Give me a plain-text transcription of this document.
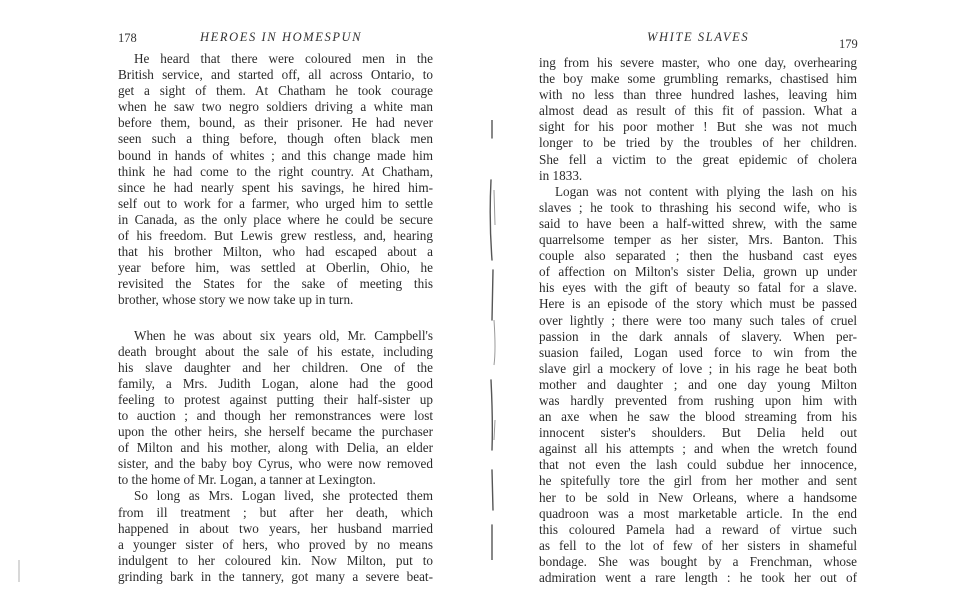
178	HEROES IN HOMESPUN
He heard that there were coloured men in the
British service, and started off, all across Ontario, to
get a sight of them. At Chatham he took courage
when he saw two negro soldiers driving a white man
before them, bound, as their prisoner. He had never
seen such a thing before, though often black men
bound in hands of whites ; and this change made him
think he had come to the right country. At Chatham,
since he had nearly spent his savings, he hired him-
self out to work for a farmer, who urged him to settle
in Canada, as the only place where he could be secure
of his freedom. But Lewis grew restless, and, hearing
that his brother Milton, who had escaped about a
year before him, was settled at Oberlin, Ohio, he
revisited the States for the sake of meeting this
brother, whose story we now take up in turn.
When he was about six years old, Mr. Campbell's
death brought about the sale of his estate, including
his slave daughter and her children. One of the
family, a Mrs. Judith Logan, alone had the good
feeling to protest against putting their half-sister up
to auction ; and though her remonstrances were lost
upon the other heirs, she herself became the purchaser
of Milton and his mother, along with Delia, an elder
sister, and the baby boy Cyrus, who were now removed
to the home of Mr. Logan, a tanner at Lexington.
So long as Mrs. Logan lived, she protected them
from ill treatment ; but after her death, which
happened in about two years, her husband married
a younger sister of hers, who proved by no means
indulgent to her coloured kin. Now Milton, put to
grinding bark in the tannery, got many a severe beat-
WHITE SLAVES	179
ing from his severe master, who one day, overhearing
the boy make some grumbling remarks, chastised him
with no less than three hundred lashes, leaving him
almost dead as result of this fit of passion. What a
sight for his poor mother ! But she was not much
longer to be tried by the troubles of her children.
She fell a victim to the great epidemic of cholera
in 1833.
Logan was not content with plying the lash on his
slaves ; he took to thrashing his second wife, who is
said to have been a half-witted shrew, with the same
quarrelsome temper as her sister, Mrs. Banton. This
couple also separated ; then the husband cast eyes
of affection on Milton's sister Delia, grown up under
his eyes with the gift of beauty so fatal for a slave.
Here is an episode of the story which must be passed
over lightly ; there were too many such tales of cruel
passion in the dark annals of slavery. When per-
suasion failed, Logan used force to win from the
slave girl a mockery of love ; in his rage he beat both
mother and daughter ; and one day young Milton
was hardly prevented from rushing upon him with
an axe when he saw the blood streaming from his
innocent sister's shoulders. But Delia held out
against all his attempts ; and when the wretch found
that not even the lash could subdue her innocence,
he spitefully tore the girl from her mother and sent
her to be sold in New Orleans, where a handsome
quadroon was a most marketable article. In the end
this coloured Pamela had a reward of virtue such
as fell to the lot of few of her sisters in shameful
bondage. She was bought by a Frenchman, whose
admiration went a rare length : he took her out of
